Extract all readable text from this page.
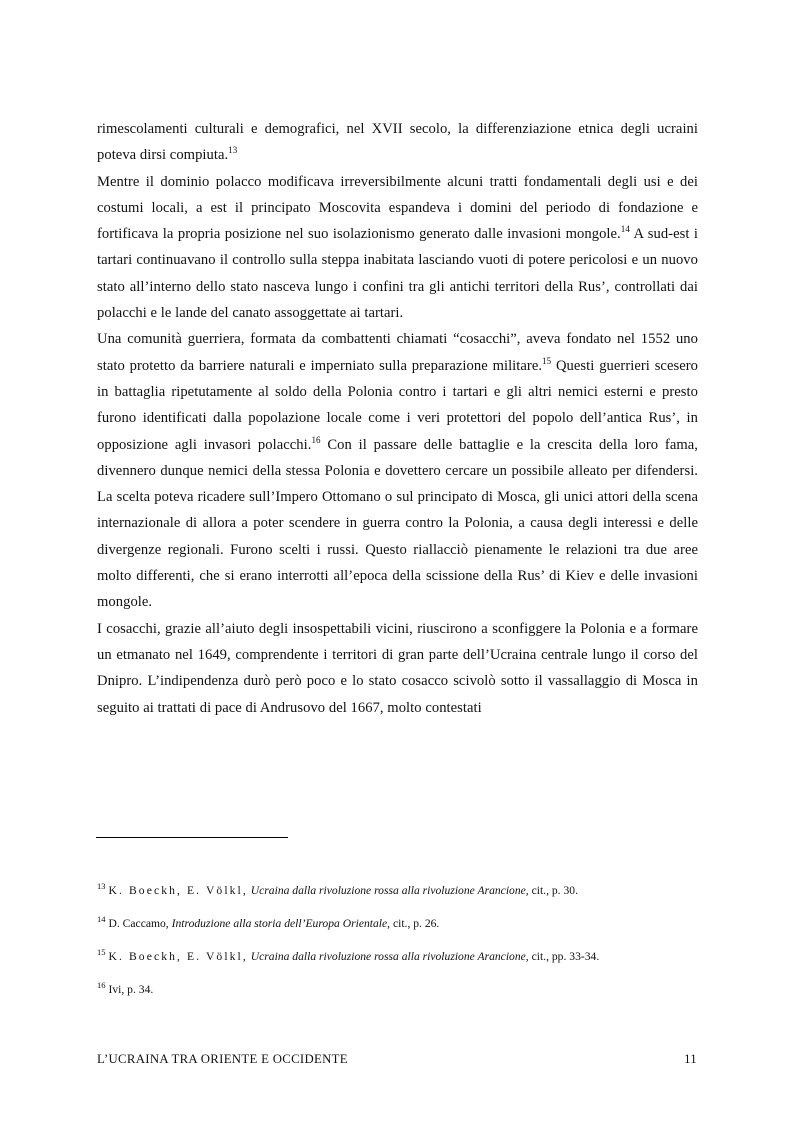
rimescolamenti culturali e demografici, nel XVII secolo, la differenziazione etnica degli ucraini poteva dirsi compiuta.$^{13}$

Mentre il dominio polacco modificava irreversibilmente alcuni tratti fondamentali degli usi e dei costumi locali, a est il principato Moscovita espandeva i domini del periodo di fondazione e fortificava la propria posizione nel suo isolazionismo generato dalle invasioni mongole.$^{14}$ A sud-est i tartari continuavano il controllo sulla steppa inabitata lasciando vuoti di potere pericolosi e un nuovo stato all’interno dello stato nasceva lungo i confini tra gli antichi territori della Rus’, controllati dai polacchi e le lande del canato assoggettate ai tartari.

Una comunità guerriera, formata da combattenti chiamati “cosacchi”, aveva fondato nel 1552 uno stato protetto da barriere naturali e imperniato sulla preparazione militare.$^{15}$ Questi guerrieri scesero in battaglia ripetutamente al soldo della Polonia contro i tartari e gli altri nemici esterni e presto furono identificati dalla popolazione locale come i veri protettori del popolo dell’antica Rus’, in opposizione agli invasori polacchi.$^{16}$ Con il passare delle battaglie e la crescita della loro fama, divennero dunque nemici della stessa Polonia e dovettero cercare un possibile alleato per difendersi. La scelta poteva ricadere sull’Impero Ottomano o sul principato di Mosca, gli unici attori della scena internazionale di allora a poter scendere in guerra contro la Polonia, a causa degli interessi e delle divergenze regionali. Furono scelti i russi. Questo riallacciò pienamente le relazioni tra due aree molto differenti, che si erano interrotti all’epoca della scissione della Rus’ di Kiev e delle invasioni mongole.

I cosacchi, grazie all’aiuto degli insospettabili vicini, riuscirono a sconfiggere la Polonia e a formare un etmanato nel 1649, comprendente i territori di gran parte dell’Ucraina centrale lungo il corso del Dnipro. L’indipendenza durò però poco e lo stato cosacco scivolò sotto il vassallaggio di Mosca in seguito ai trattati di pace di Andrusovo del 1667, molto contestati

$^{13}$ K. Boeckh, E. Völkl, Ucraina dalla rivoluzione rossa alla rivoluzione Arancione, cit., p. 30.

$^{14}$ D. Caccamo, Introduzione alla storia dell’Europa Orientale, cit., p. 26.

$^{15}$ K. Boeckh, E. Völkl, Ucraina dalla rivoluzione rossa alla rivoluzione Arancione, cit., pp. 33-34.

$^{16}$ Ivi, p. 34.

L’UCRAINA TRA ORIENTE E OCCIDENTE	11
